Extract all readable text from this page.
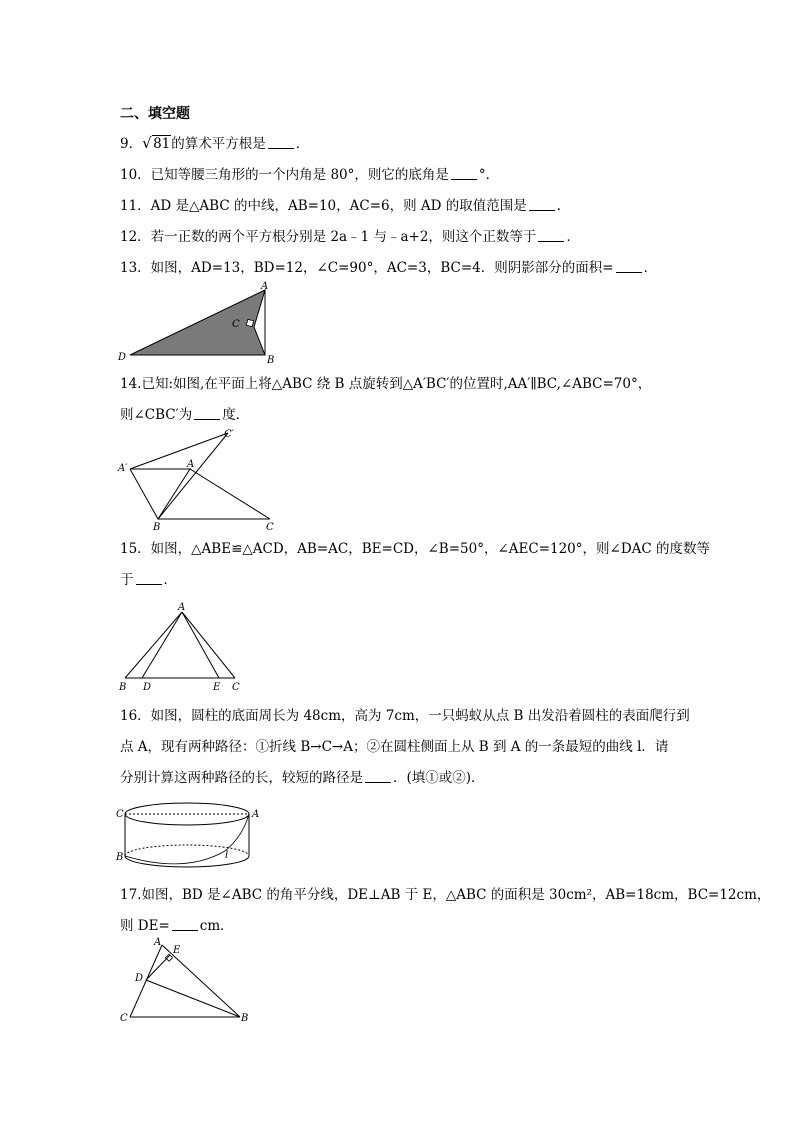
二、填空题
9． √ 81的算术平方根是 ．
10．已知等腰三角形的一个内角是 80°，则它的底角是 °．
11．AD 是△ABC 的中线，AB=10，AC=6，则 AD 的取值范围是 ．
12．若一正数的两个平方根分别是 2a﹣1 与﹣a+2，则这个正数等于 ．
13．如图，AD=13，BD=12，∠C=90°，AC=3，BC=4．则阴影部分的面积= ．
A
B
C
D
14.已知:如图,在平面上将△ABC 绕 B 点旋转到△A′BC′的位置时,AA′∥BC,∠ABC=70°，
则∠CBC′为 度．
A′	A
C′
B	C
15．如图，△ABE≌△ACD，AB=AC，BE=CD，∠B=50°，∠AEC=120°，则∠DAC 的度数等
于 ．
A
B D	E C
16．如图，圆柱的底面周长为 48cm，高为 7cm，一只蚂蚁从点 B 出发沿着圆柱的表面爬行到
点 A，现有两种路径：①折线 B→C→A；②在圆柱侧面上从 B 到 A 的一条最短的曲线 l．请
分别计算这两种路径的长，较短的路径是 ．(填①或②)．
C	A
B	l
17.如图，BD 是∠ABC 的角平分线，DE⊥AB 于 E，△ABC 的面积是 30cm²，AB=18cm，BC=12cm，
则 DE= cm．
A
E
D
C	B
